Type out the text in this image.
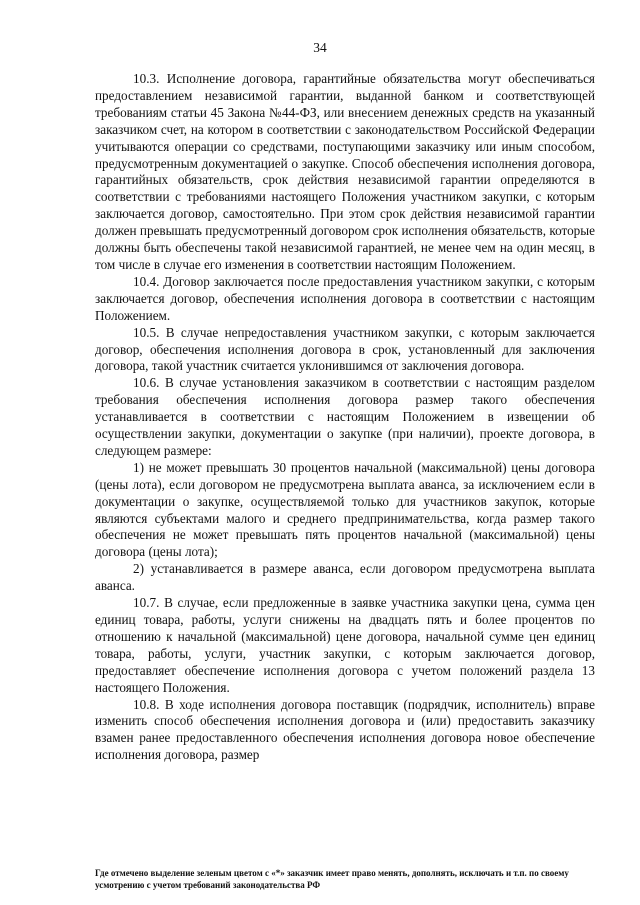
34

10.3. Исполнение договора, гарантийные обязательства могут обеспечиваться предоставлением независимой гарантии, выданной банком и соответствующей требованиям статьи 45 Закона №44-ФЗ, или внесением денежных средств на указанный заказчиком счет, на котором в соответствии с законодательством Российской Федерации учитываются операции со средствами, поступающими заказчику или иным способом, предусмотренным документацией о закупке. Способ обеспечения исполнения договора, гарантийных обязательств, срок действия независимой гарантии определяются в соответствии с требованиями настоящего Положения участником закупки, с которым заключается договор, самостоятельно. При этом срок действия независимой гарантии должен превышать предусмотренный договором срок исполнения обязательств, которые должны быть обеспечены такой независимой гарантией, не менее чем на один месяц, в том числе в случае его изменения в соответствии настоящим Положением.

10.4. Договор заключается после предоставления участником закупки, с которым заключается договор, обеспечения исполнения договора в соответствии с настоящим Положением.

10.5. В случае непредоставления участником закупки, с которым заключается договор, обеспечения исполнения договора в срок, установленный для заключения договора, такой участник считается уклонившимся от заключения договора.

10.6. В случае установления заказчиком в соответствии с настоящим разделом требования обеспечения исполнения договора размер такого обеспечения устанавливается в соответствии с настоящим Положением в извещении об осуществлении закупки, документации о закупке (при наличии), проекте договора, в следующем размере:

1) не может превышать 30 процентов начальной (максимальной) цены договора (цены лота), если договором не предусмотрена выплата аванса, за исключением если в документации о закупке, осуществляемой только для участников закупок, которые являются субъектами малого и среднего предпринимательства, когда размер такого обеспечения не может превышать пять процентов начальной (максимальной) цены договора (цены лота);

2) устанавливается в размере аванса, если договором предусмотрена выплата аванса.

10.7. В случае, если предложенные в заявке участника закупки цена, сумма цен единиц товара, работы, услуги снижены на двадцать пять и более процентов по отношению к начальной (максимальной) цене договора, начальной сумме цен единиц товара, работы, услуги, участник закупки, с которым заключается договор, предоставляет обеспечение исполнения договора с учетом положений раздела 13 настоящего Положения.

10.8. В ходе исполнения договора поставщик (подрядчик, исполнитель) вправе изменить способ обеспечения исполнения договора и (или) предоставить заказчику взамен ранее предоставленного обеспечения исполнения договора новое обеспечение исполнения договора, размер

Где отмечено выделение зеленым цветом с «*» заказчик имеет право менять, дополнять, исключать и т.п. по своему усмотрению с учетом требований законодательства РФ
